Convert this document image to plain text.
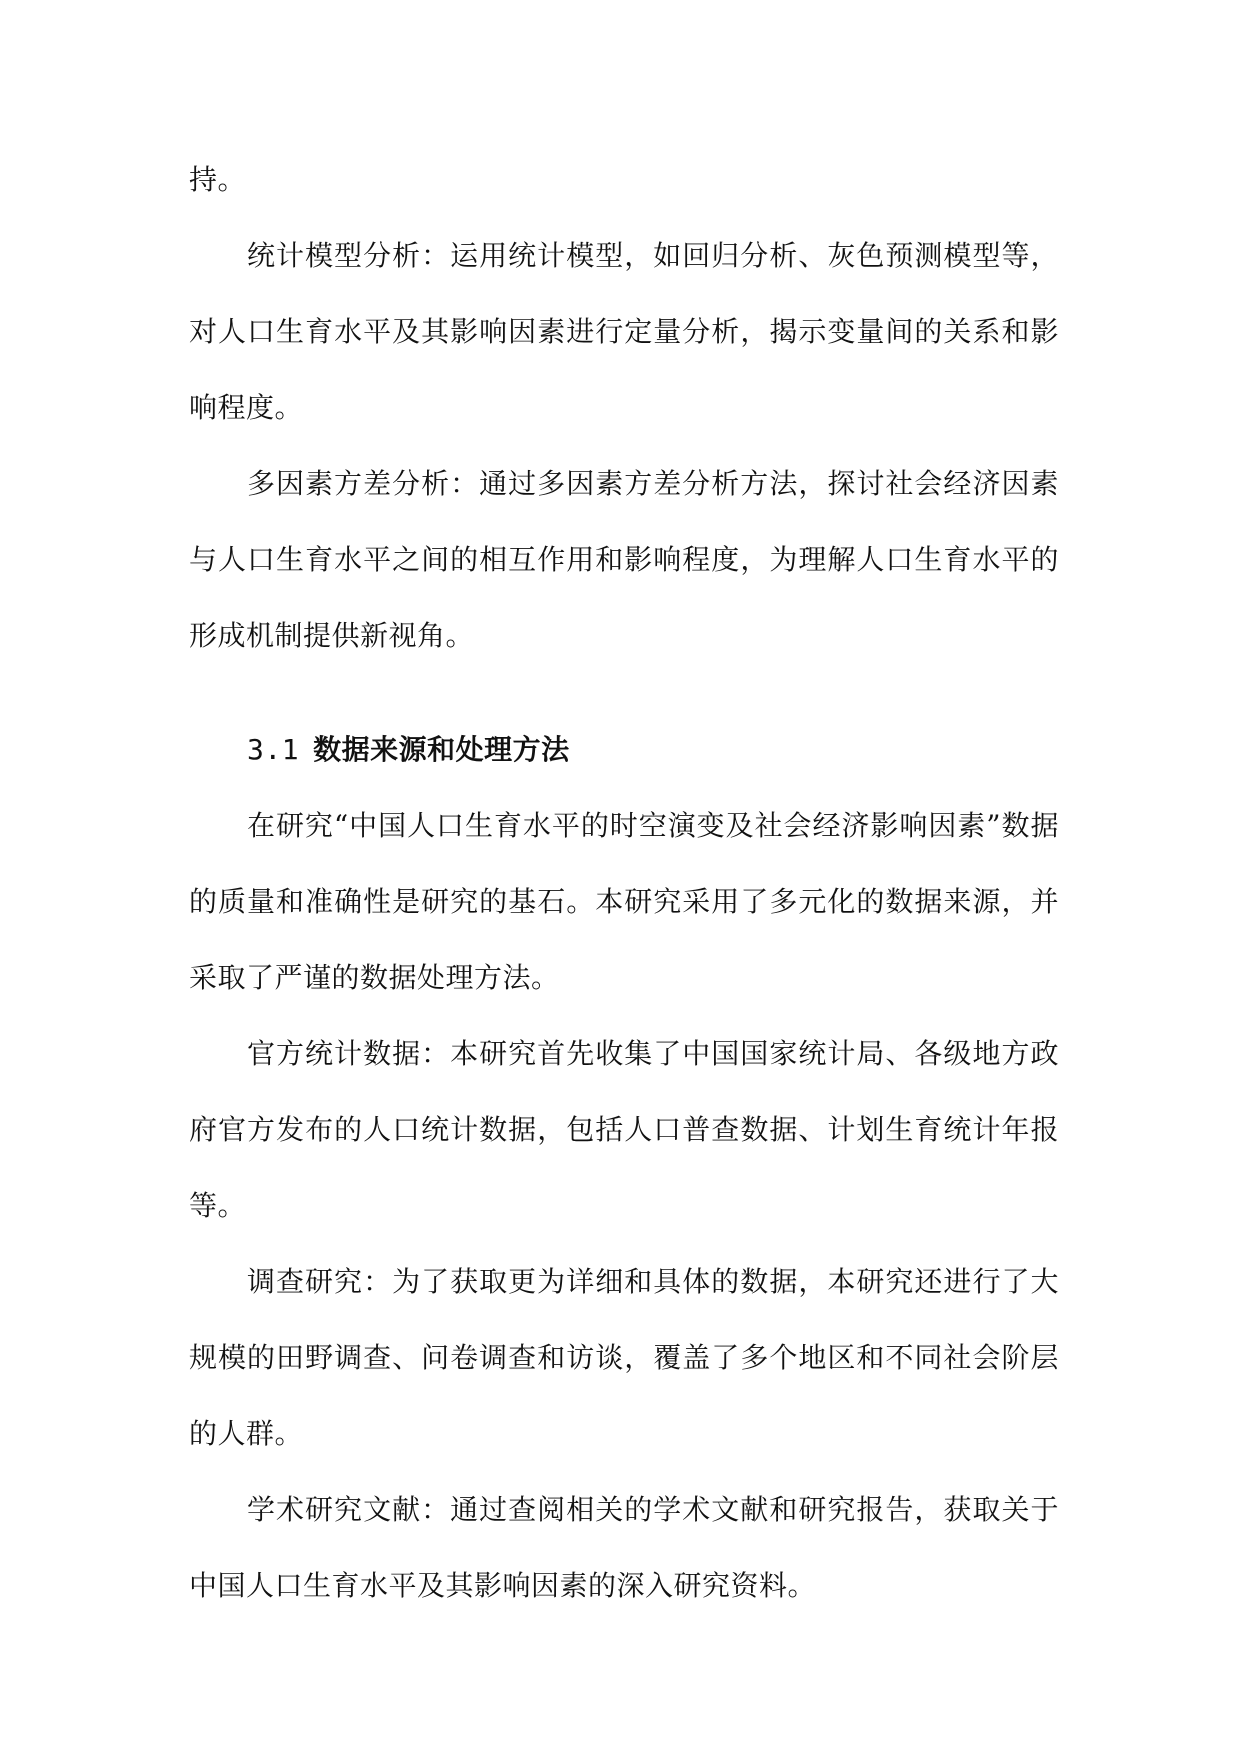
持。

统计模型分析：运用统计模型，如回归分析、灰色预测模型等，对人口生育水平及其影响因素进行定量分析，揭示变量间的关系和影响程度。

多因素方差分析：通过多因素方差分析方法，探讨社会经济因素与人口生育水平之间的相互作用和影响程度，为理解人口生育水平的形成机制提供新视角。

3.1 数据来源和处理方法

在研究“中国人口生育水平的时空演变及社会经济影响因素”数据的质量和准确性是研究的基石。本研究采用了多元化的数据来源，并采取了严谨的数据处理方法。

官方统计数据：本研究首先收集了中国国家统计局、各级地方政府官方发布的人口统计数据，包括人口普查数据、计划生育统计年报等。

调查研究：为了获取更为详细和具体的数据，本研究还进行了大规模的田野调查、问卷调查和访谈，覆盖了多个地区和不同社会阶层的人群。

学术研究文献：通过查阅相关的学术文献和研究报告，获取关于中国人口生育水平及其影响因素的深入研究资料。
